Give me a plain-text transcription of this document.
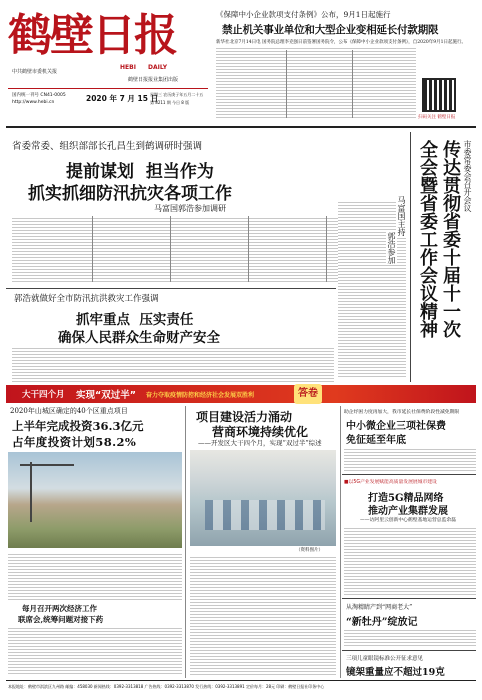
鹤壁日报
HEBI DAILY
中共鹤壁市委机关报
鹤壁日报报业集团出版
国内统一刊号 CN41-0005
http://www.hebi.cn	2020 年 7 月 15 日
星期三 农历庚子年五月二十五
第 8211 期 今日 8 版
《保障中小企业款项支付条例》公布，9月1日起施行
禁止机关事业单位和大型企业变相延长付款期限
新华社北京7月14日电 国务院总理李克强日前签署国务院令，公布《保障中小企业款项支付条例》，自2020年9月1日起施行。
扫码关注 鹤壁日报
省委常委、组织部部长孔昌生到鹤调研时强调
提前谋划  担当作为
抓实抓细防汛抗灾各项工作
马富国郭浩参加调研	市委常委会召开会议
传达贯彻省委十届十一次
全会暨省委工作会议精神
马富国主持
郭浩参加
郭浩就做好全市防汛抗洪救灾工作强调
抓牢重点  压实责任
确保人民群众生命财产安全
大干四个月 实现“双过半” 奋力夺取疫情防控和经济社会发展双胜利	答卷
2020年山城区确定的40个区重点项目
上半年完成投资36.3亿元
占年度投资计划58.2%
每月召开两次经济工作
联席会,统筹问题对接下药
项目建设活力涌动
营商环境持续优化
——开发区大干四个月，实现“双过半”综述
（资料图片）
助企纾困力度再加大，我市延长社保费阶段性减免期限
中小微企业三项社保费
免征延至年底
■以5G产业发展赋能高质量发展展城市建设
打造5G精品网络
推动产业集群发展
——访阿里云创新中心鹤壁基地运营总监余磊
从淘精睛产到“网商老大”
“新牡丹”绽放记
三项儿童眼镜标准公开征求意见
镜架重量应不超过19克
本报地址：鹤壁市淇滨区九州路 邮编：458030 新闻热线：0392-3313818 广告热线：0392-3313870 发行热线：0392-3313891 定价每月：28元 印刷：鹤壁日报社印务中心
